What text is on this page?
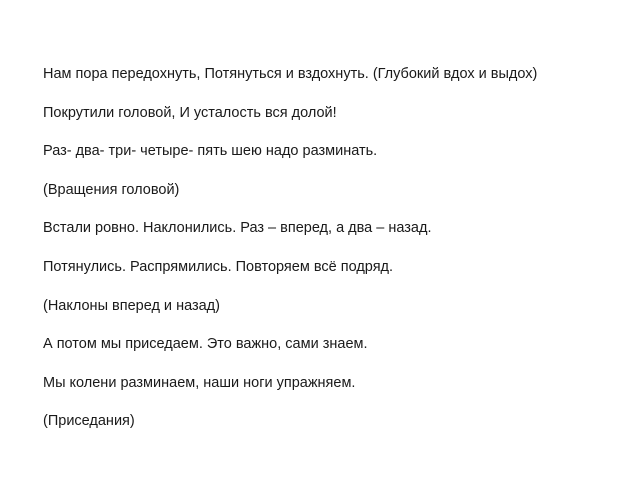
Нам пора передохнуть, Потянуться и вздохнуть. (Глубокий вдох и выдох)

Покрутили головой, И усталость вся долой!

Раз- два- три- четыре- пять шею надо разминать.

(Вращения головой)

Встали ровно. Наклонились. Раз – вперед, а два – назад.

Потянулись. Распрямились. Повторяем всё подряд.

(Наклоны вперед и назад)

А потом мы приседаем. Это важно, сами знаем.

Мы колени разминаем, наши ноги упражняем.

(Приседания)
